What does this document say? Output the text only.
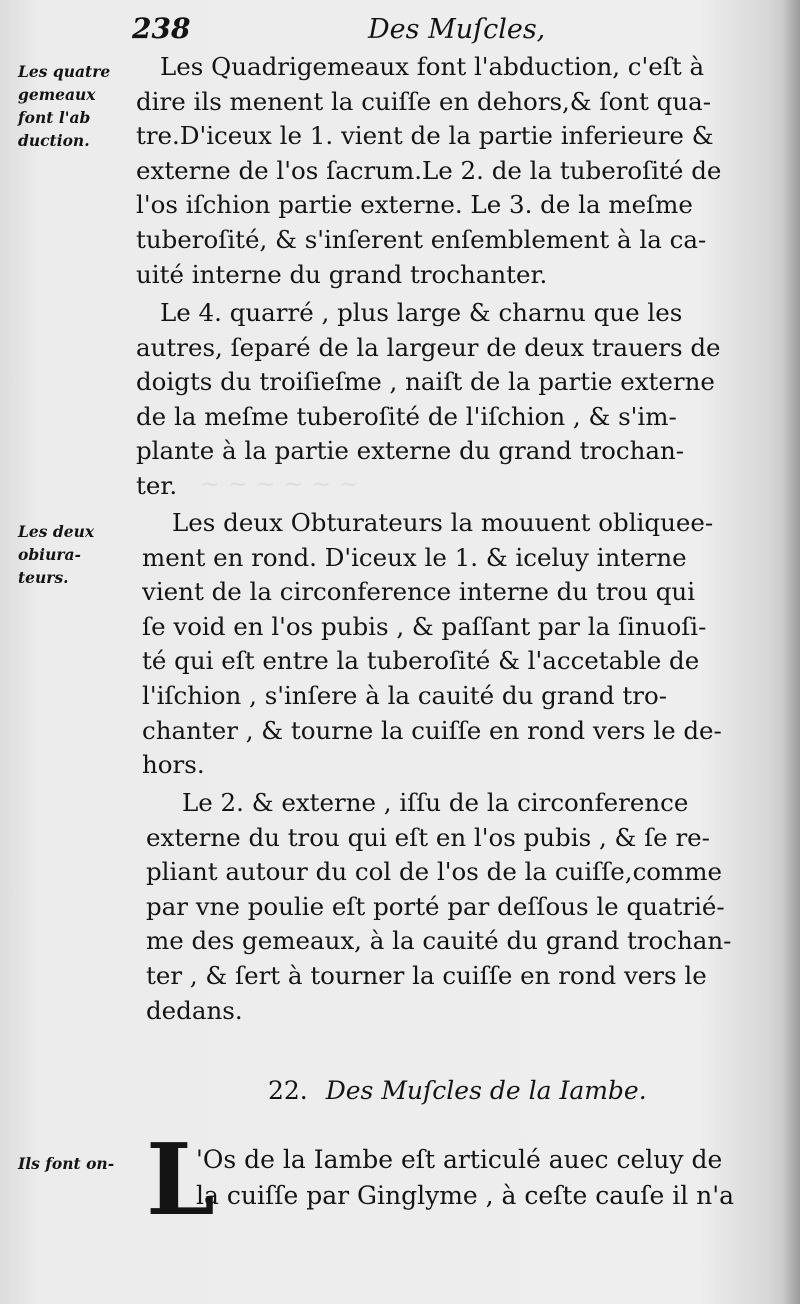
~ ~ ~ ~ ~ ~
238	Des Muſcles,
Les quatre
gemeaux
font l'ab
duction.
Les deux
obiura-
teurs.
Ils font on-
Les Quadrigemeaux font l'abduction, c'eſt à
dire ils menent la cuiſſe en dehors,& ſont qua-
tre.D'iceux le 1. vient de la partie inferieure &
externe de l'os ſacrum.Le 2. de la tuberoſité de
l'os iſchion partie externe. Le 3. de la meſme
tuberoſité, & s'inſerent enſemblement à la ca-
uité interne du grand trochanter.
Le 4. quarré , plus large & charnu que les
autres, ſeparé de la largeur de deux trauers de
doigts du troiſieſme , naiſt de la partie externe
de la meſme tuberoſité de l'iſchion , & s'im-
plante à la partie externe du grand trochan-
ter.
Les deux Obturateurs la mouuent obliquee-
ment en rond. D'iceux le 1. & iceluy interne
vient de la circonference interne du trou qui
ſe void en l'os pubis , & paſſant par la ſinuoſi-
té qui eſt entre la tuberoſité & l'accetable de
l'iſchion , s'inſere à la cauité du grand tro-
chanter , & tourne la cuiſſe en rond vers le de-
hors.
Le 2. & externe , iſſu de la circonference
externe du trou qui eſt en l'os pubis , & ſe re-
pliant autour du col de l'os de la cuiſſe,comme
par vne poulie eſt porté par deſſous le quatrié-
me des gemeaux, à la cauité du grand trochan-
ter , & ſert à tourner la cuiſſe en rond vers le
dedans.
22. Des Muſcles de la Iambe.
L
'Os de la Iambe eſt articulé auec celuy de
la cuiſſe par Ginglyme , à ceſte cauſe il n'a
